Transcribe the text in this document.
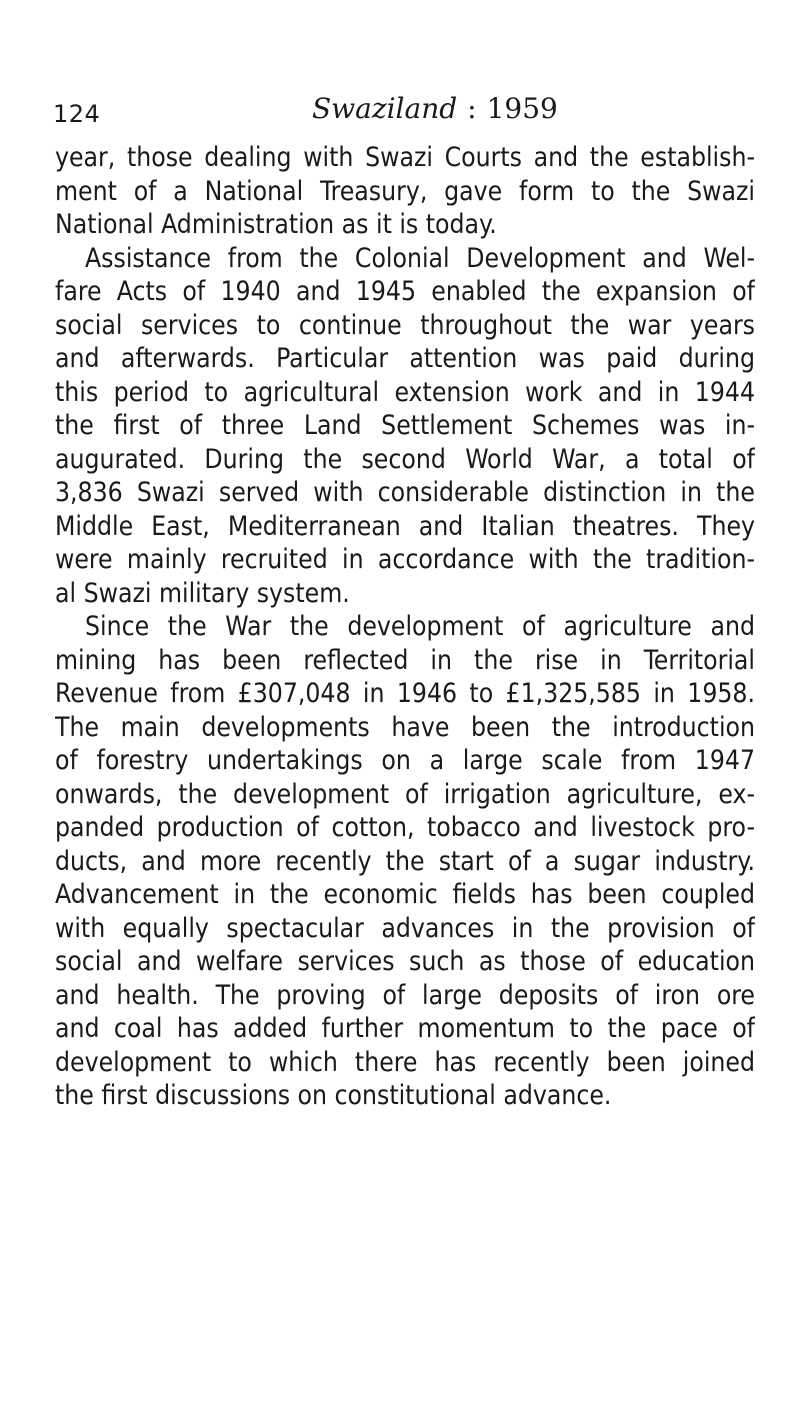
124	Swaziland : 1959
year, those dealing with Swazi Courts and the establish-
ment of a National Treasury, gave form to the Swazi
National Administration as it is today.
Assistance from the Colonial Development and Wel-
fare Acts of 1940 and 1945 enabled the expansion of
social services to continue throughout the war years
and afterwards. Particular attention was paid during
this period to agricultural extension work and in 1944
the first of three Land Settlement Schemes was in-
augurated. During the second World War, a total of
3,836 Swazi served with considerable distinction in the
Middle East, Mediterranean and Italian theatres. They
were mainly recruited in accordance with the tradition-
al Swazi military system.
Since the War the development of agriculture and
mining has been reflected in the rise in Territorial
Revenue from £307,048 in 1946 to £1,325,585 in 1958.
The main developments have been the introduction
of forestry undertakings on a large scale from 1947
onwards, the development of irrigation agriculture, ex-
panded production of cotton, tobacco and livestock pro-
ducts, and more recently the start of a sugar industry.
Advancement in the economic fields has been coupled
with equally spectacular advances in the provision of
social and welfare services such as those of education
and health. The proving of large deposits of iron ore
and coal has added further momentum to the pace of
development to which there has recently been joined
the first discussions on constitutional advance.
